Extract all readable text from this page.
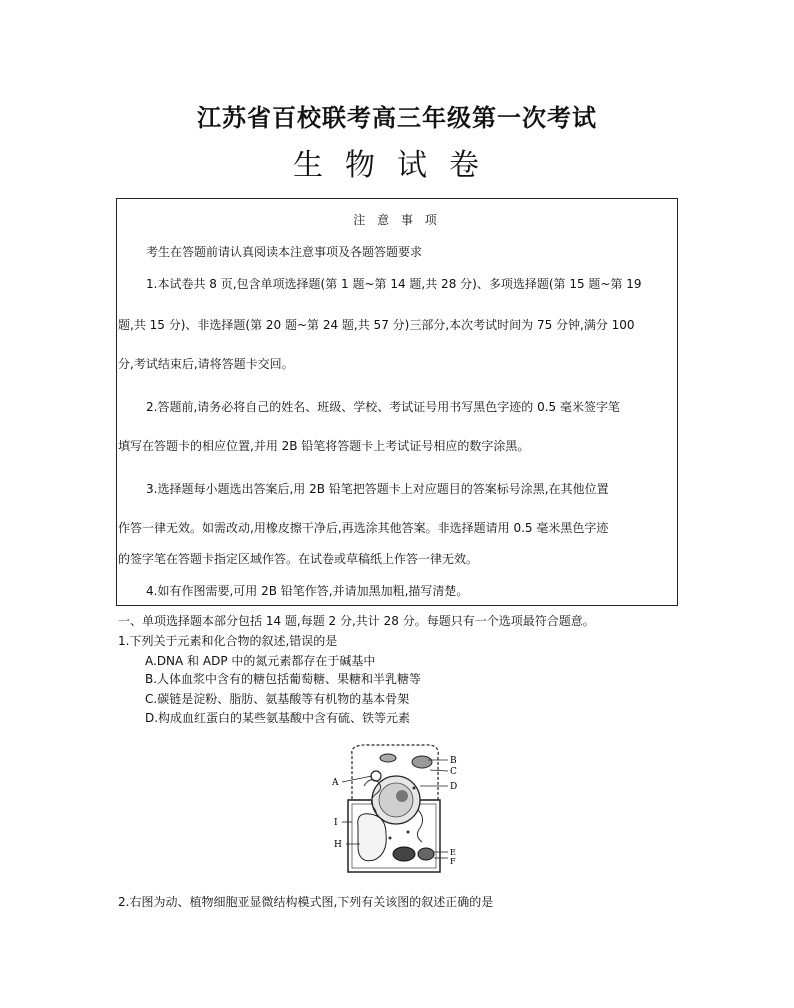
江苏省百校联考高三年级第一次考试
生物试卷
注 意 事 项
考生在答题前请认真阅读本注意事项及各题答题要求
1.本试卷共 8 页,包含单项选择题(第 1 题~第 14 题,共 28 分)、多项选择题(第 15 题~第 19
题,共 15 分)、非选择题(第 20 题~第 24 题,共 57 分)三部分,本次考试时间为 75 分钟,满分 100
分,考试结束后,请将答题卡交回。
2.答题前,请务必将自己的姓名、班级、学校、考试证号用书写黑色字迹的 0.5 毫米签字笔
填写在答题卡的相应位置,并用 2B 铅笔将答题卡上考试证号相应的数字涂黑。
3.选择题每小题选出答案后,用 2B 铅笔把答题卡上对应题目的答案标号涂黑,在其他位置
作答一律无效。如需改动,用橡皮擦干净后,再选涂其他答案。非选择题请用 0.5 毫米黑色字迹
的签字笔在答题卡指定区域作答。在试卷或草稿纸上作答一律无效。
4.如有作图需要,可用 2B 铅笔作答,并请加黑加粗,描写清楚。
一、单项选择题本部分包括 14 题,每题 2 分,共计 28 分。每题只有一个选项最符合题意。
1.下列关于元素和化合物的叙述,错误的是
A.DNA 和 ADP 中的氮元素都存在于碱基中
B.人体血浆中含有的糖包括葡萄糖、果糖和半乳糖等
C.碳链是淀粉、脂肪、氨基酸等有机物的基本骨架
D.构成血红蛋白的某些氨基酸中含有硫、铁等元素
A
B
C
D
I
H
E
F
2.右图为动、植物细胞亚显微结构模式图,下列有关该图的叙述正确的是
